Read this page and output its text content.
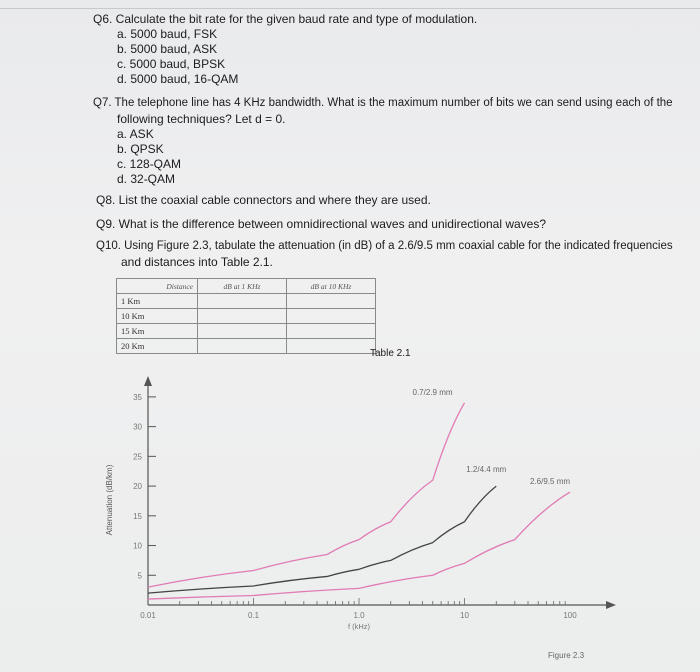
Q6. Calculate the bit rate for the given baud rate and type of modulation.
a. 5000 baud, FSK
b. 5000 baud, ASK
c. 5000 baud, BPSK
d. 5000 baud, 16-QAM
Q7. The telephone line has 4 KHz bandwidth. What is the maximum number of bits we can send using each of the
following techniques? Let d = 0.
a. ASK
b. QPSK
c. 128-QAM
d. 32-QAM
Q8. List the coaxial cable connectors and where they are used.
Q9. What is the difference between omnidirectional waves and unidirectional waves?
Q10. Using Figure 2.3, tabulate the attenuation (in dB) of a 2.6/9.5 mm coaxial cable for the indicated frequencies
and distances into Table 2.1.
Distance	dB at 1 KHz	dB at 10 KHz
1 Km		
10 Km		
15 Km		
20 Km		
Table 2.1
5
10
15
20
25
30
35
0.01	0.1	1.0	10	100
Attenuation (dB/km)
f (kHz)
0.7/2.9 mm
1.2/4.4 mm
2.6/9.5 mm
Figure 2.3
